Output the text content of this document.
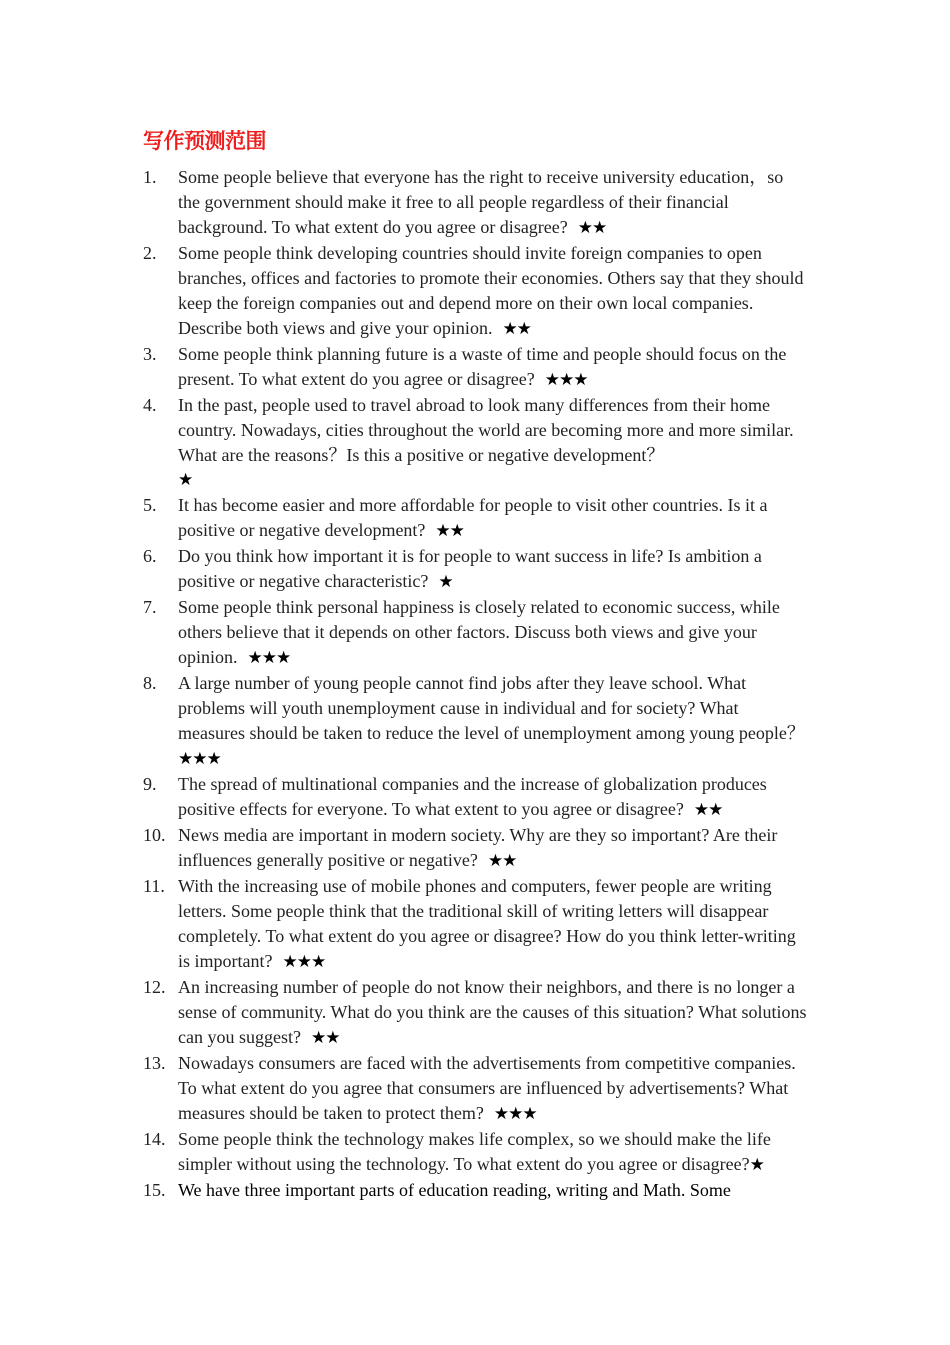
写作预测范围
1. Some people believe that everyone has the right to receive university education，so the government should make it free to all people regardless of their financial background. To what extent do you agree or disagree? ★★
2. Some people think developing countries should invite foreign companies to open branches, offices and factories to promote their economies. Others say that they should keep the foreign companies out and depend more on their own local companies. Describe both views and give your opinion. ★★
3. Some people think planning future is a waste of time and people should focus on the present. To what extent do you agree or disagree? ★★★
4. In the past, people used to travel abroad to look many differences from their home country. Nowadays, cities throughout the world are becoming more and more similar. What are the reasons？Is this a positive or negative development？
★
5. It has become easier and more affordable for people to visit other countries. Is it a positive or negative development? ★★
6. Do you think how important it is for people to want success in life? Is ambition a positive or negative characteristic? ★
7. Some people think personal happiness is closely related to economic success, while others believe that it depends on other factors. Discuss both views and give your opinion. ★★★
8. A large number of young people cannot find jobs after they leave school. What problems will youth unemployment cause in individual and for society? What measures should be taken to reduce the level of unemployment among young people？★★★
9. The spread of multinational companies and the increase of globalization produces positive effects for everyone. To what extent to you agree or disagree? ★★
10. News media are important in modern society. Why are they so important? Are their influences generally positive or negative? ★★
11. With the increasing use of mobile phones and computers, fewer people are writing letters. Some people think that the traditional skill of writing letters will disappear completely. To what extent do you agree or disagree? How do you think letter-writing is important? ★★★
12. An increasing number of people do not know their neighbors, and there is no longer a sense of community. What do you think are the causes of this situation? What solutions can you suggest? ★★
13. Nowadays consumers are faced with the advertisements from competitive companies. To what extent do you agree that consumers are influenced by advertisements? What measures should be taken to protect them? ★★★
14. Some people think the technology makes life complex, so we should make the life simpler without using the technology. To what extent do you agree or disagree?★
15. We have three important parts of education reading, writing and Math. Some
